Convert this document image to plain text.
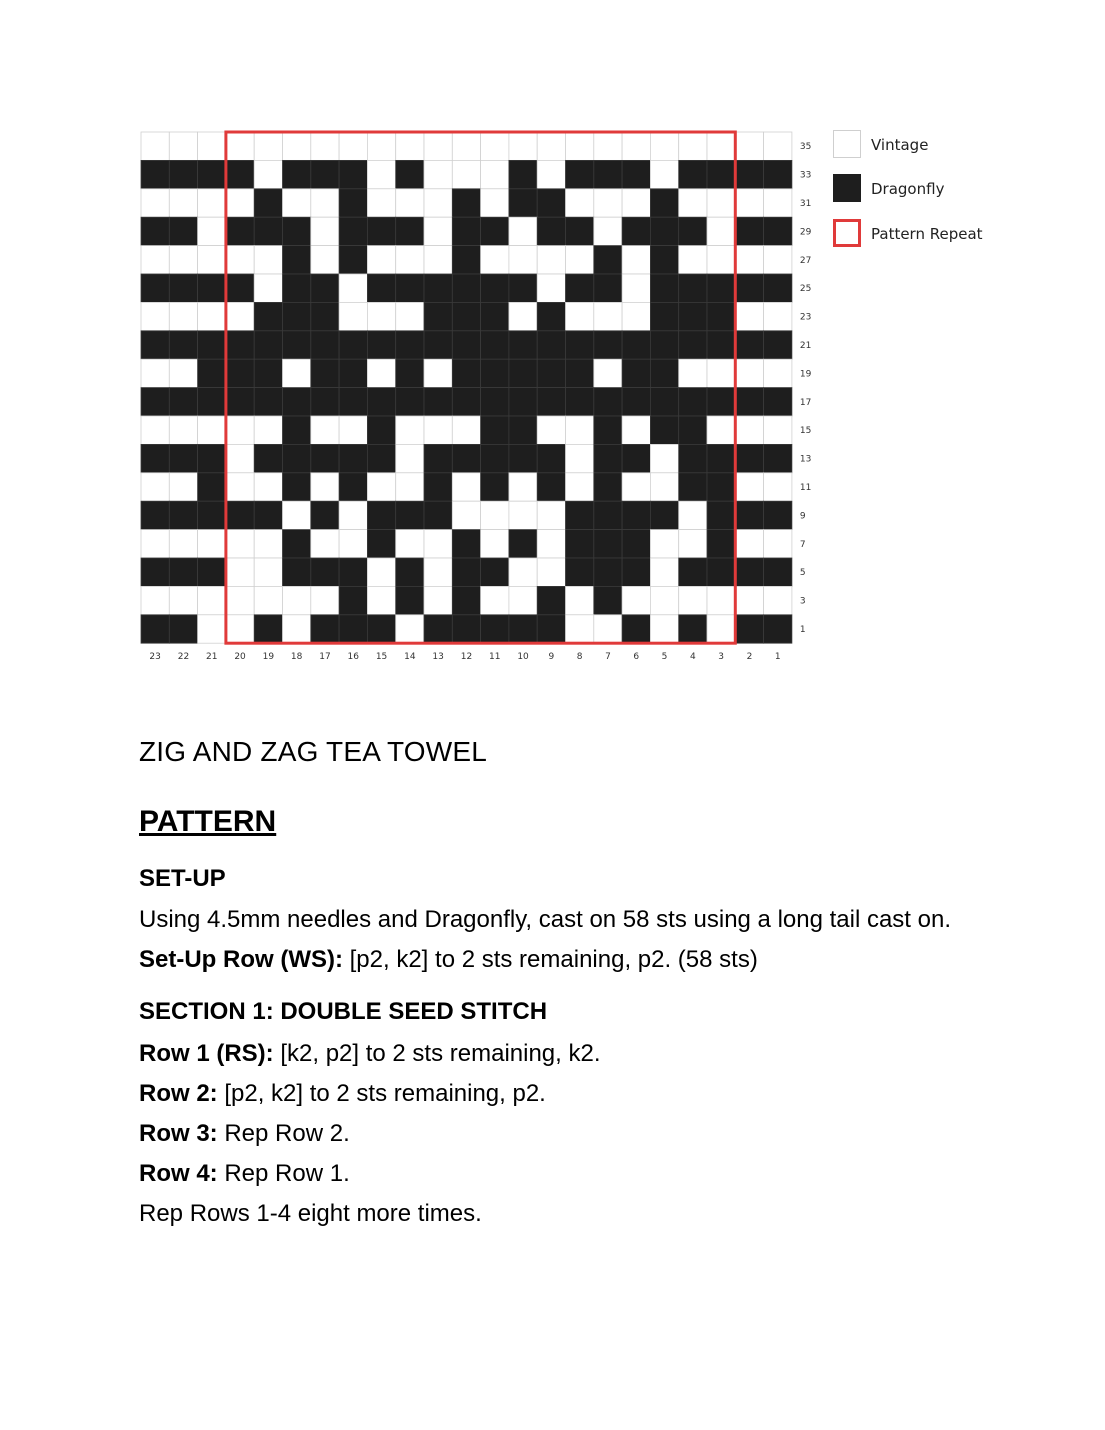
23 22 21 20 19 18 17 16 15 14 13 12 11 10 9	8	7	6	5	4	3	2	1
35
33
31
29
27
25
23
21
19
17
15
13
11
9
7
5
3
1
Vintage
Dragonfly
Pattern Repeat
ZIG AND ZAG TEA TOWEL
PATTERN
SET-UP

Using 4.5mm needles and Dragonfly, cast on 58 sts using a long tail cast on.

Set-Up Row (WS): [p2, k2] to 2 sts remaining, p2. (58 sts)

SECTION 1: DOUBLE SEED STITCH

Row 1 (RS): [k2, p2] to 2 sts remaining, k2.

Row 2: [p2, k2] to 2 sts remaining, p2.

Row 3: Rep Row 2.

Row 4: Rep Row 1.

Rep Rows 1-4 eight more times.
